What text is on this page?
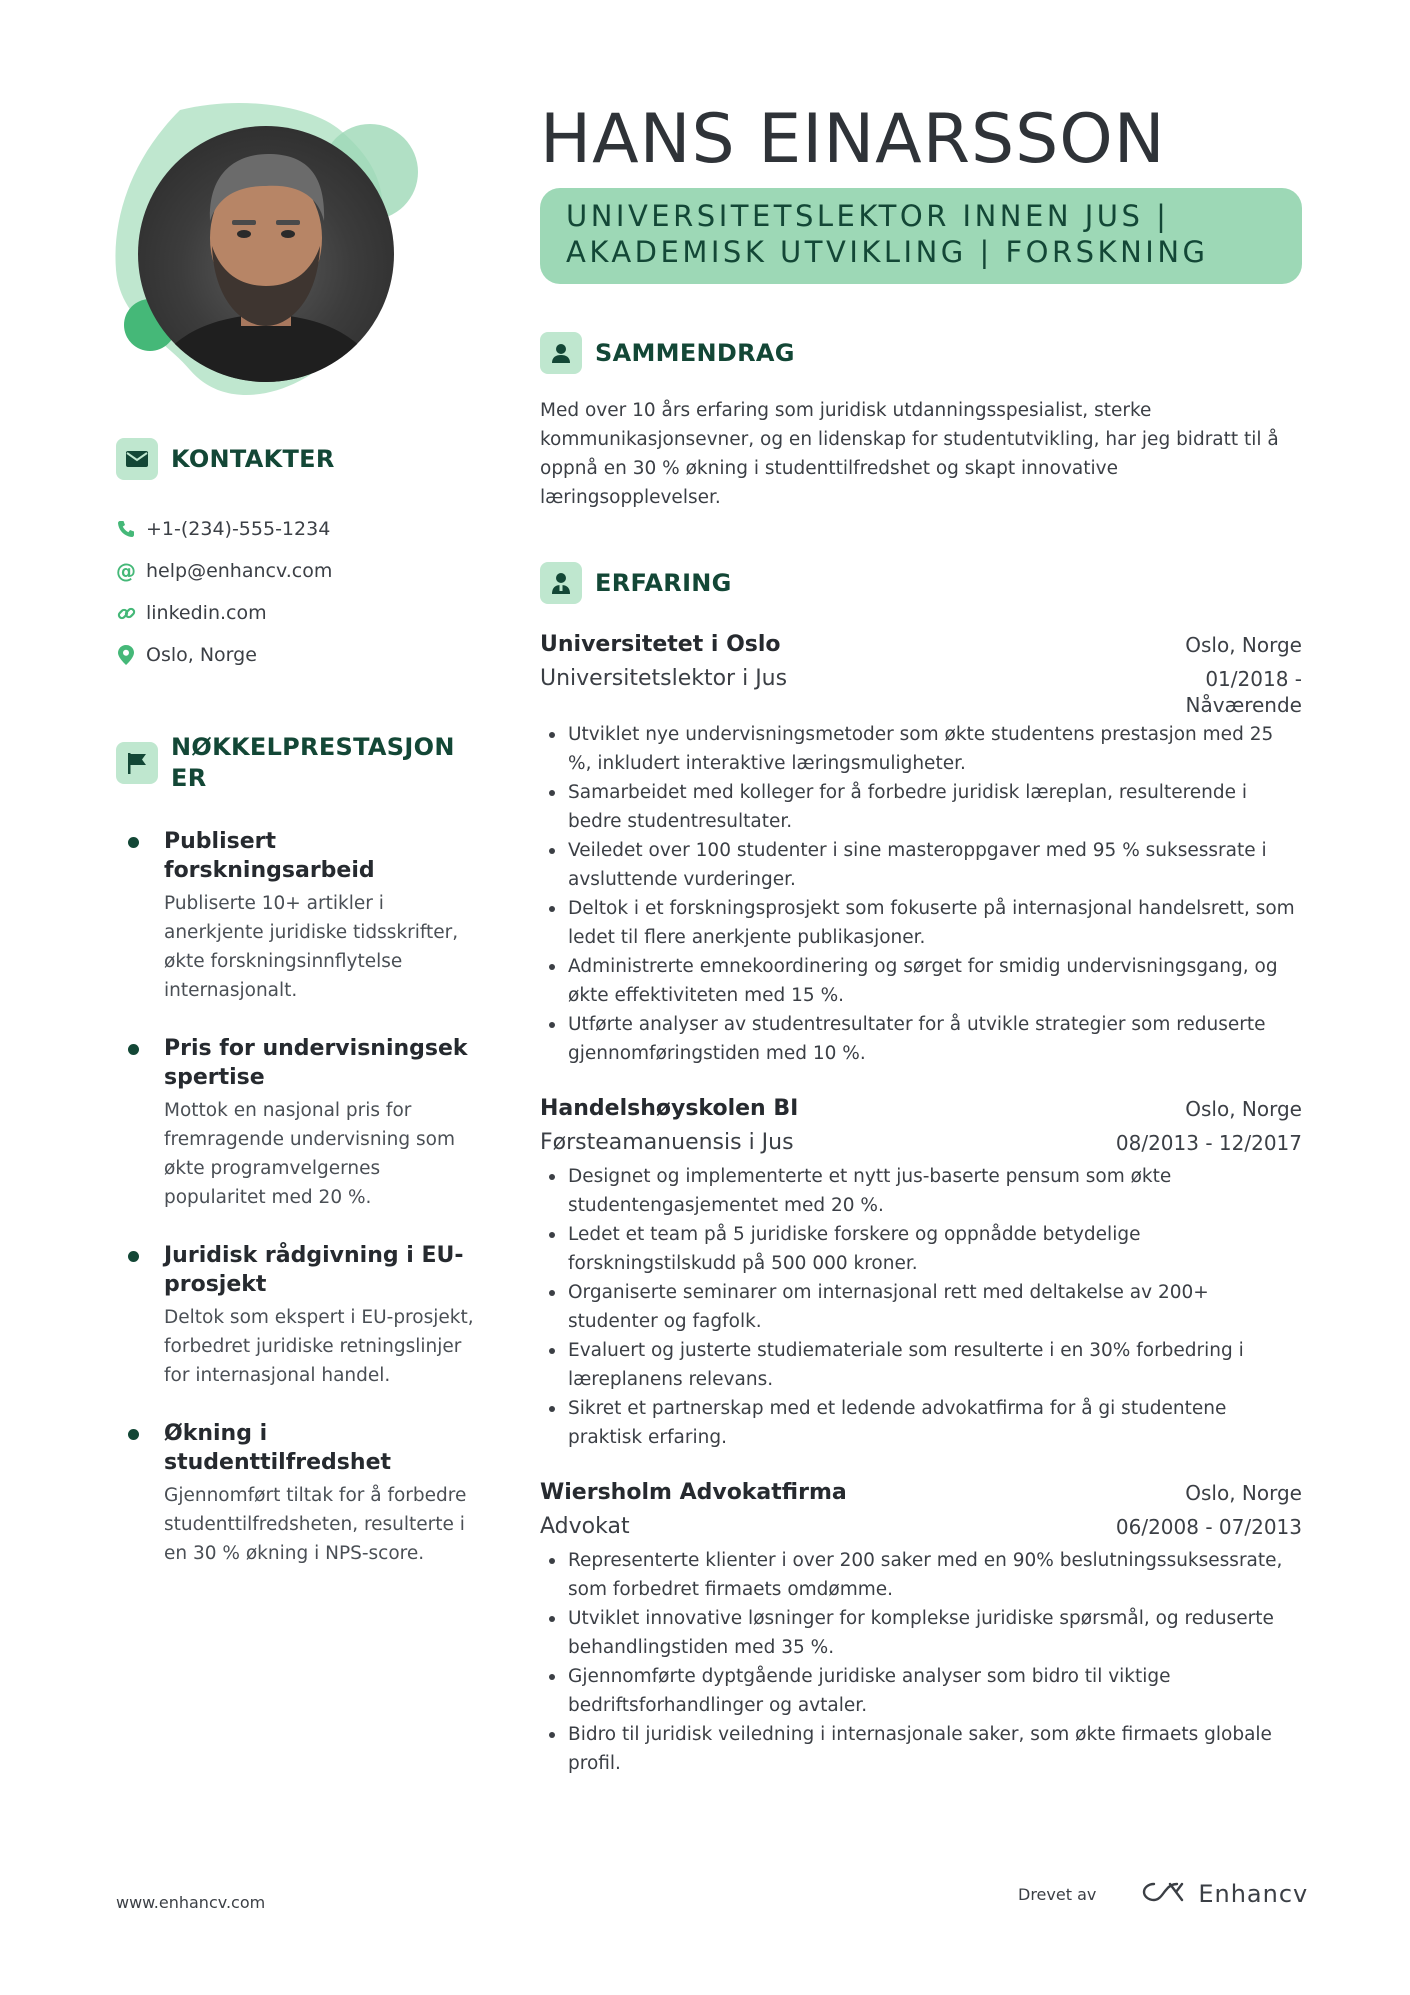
KONTAKTER
+1-(234)-555-1234
@ help@enhancv.com
linkedin.com
Oslo, Norge
NØKKELPRESTASJONER
Publisert forskningsarbeid
Publiserte 10+ artikler i anerkjente juridiske tidsskrifter, økte forskningsinnflytelse internasjonalt.
Pris for undervisningsekspertise
Mottok en nasjonal pris for fremragende undervisning som økte programvelgernes popularitet med 20 %.
Juridisk rådgivning i EU-prosjekt
Deltok som ekspert i EU-prosjekt, forbedret juridiske retningslinjer for internasjonal handel.
Økning i studenttilfredshet
Gjennomført tiltak for å forbedre studenttilfredsheten, resulterte i en 30 % økning i NPS-score.
HANS EINARSSON
UNIVERSITETSLEKTOR INNEN JUS |
AKADEMISK UTVIKLING | FORSKNING
SAMMENDRAG

Med over 10 års erfaring som juridisk utdanningsspesialist, sterke kommunikasjonsevner, og en lidenskap for studentutvikling, har jeg bidratt til å oppnå en 30 % økning i studenttilfredshet og skapt innovative læringsopplevelser.

ERFARING
Universitetet i Oslo	Oslo, Norge
Universitetslektor i Jus	01/2018 -
Nåværende
Utviklet nye undervisningsmetoder som økte studentens prestasjon med 25 %, inkludert interaktive læringsmuligheter.
Samarbeidet med kolleger for å forbedre juridisk læreplan, resulterende i bedre studentresultater.
Veiledet over 100 studenter i sine masteroppgaver med 95 % suksessrate i avsluttende vurderinger.
Deltok i et forskningsprosjekt som fokuserte på internasjonal handelsrett, som ledet til flere anerkjente publikasjoner.
Administrerte emnekoordinering og sørget for smidig undervisningsgang, og økte effektiviteten med 15 %.
Utførte analyser av studentresultater for å utvikle strategier som reduserte gjennomføringstiden med 10 %.
Handelshøyskolen BI	Oslo, Norge
Førsteamanuensis i Jus	08/2013 - 12/2017
Designet og implementerte et nytt jus-baserte pensum som økte studentengasjementet med 20 %.
Ledet et team på 5 juridiske forskere og oppnådde betydelige forskningstilskudd på 500 000 kroner.
Organiserte seminarer om internasjonal rett med deltakelse av 200+ studenter og fagfolk.
Evaluert og justerte studiemateriale som resulterte i en 30% forbedring i læreplanens relevans.
Sikret et partnerskap med et ledende advokatfirma for å gi studentene praktisk erfaring.
Wiersholm Advokatfirma	Oslo, Norge
Advokat	06/2008 - 07/2013
Representerte klienter i over 200 saker med en 90% beslutningssuksessrate, som forbedret firmaets omdømme.
Utviklet innovative løsninger for komplekse juridiske spørsmål, og reduserte behandlingstiden med 35 %.
Gjennomførte dyptgående juridiske analyser som bidro til viktige bedriftsforhandlinger og avtaler.
Bidro til juridisk veiledning i internasjonale saker, som økte firmaets globale profil.
www.enhancv.com	Drevet av	Enhancv
